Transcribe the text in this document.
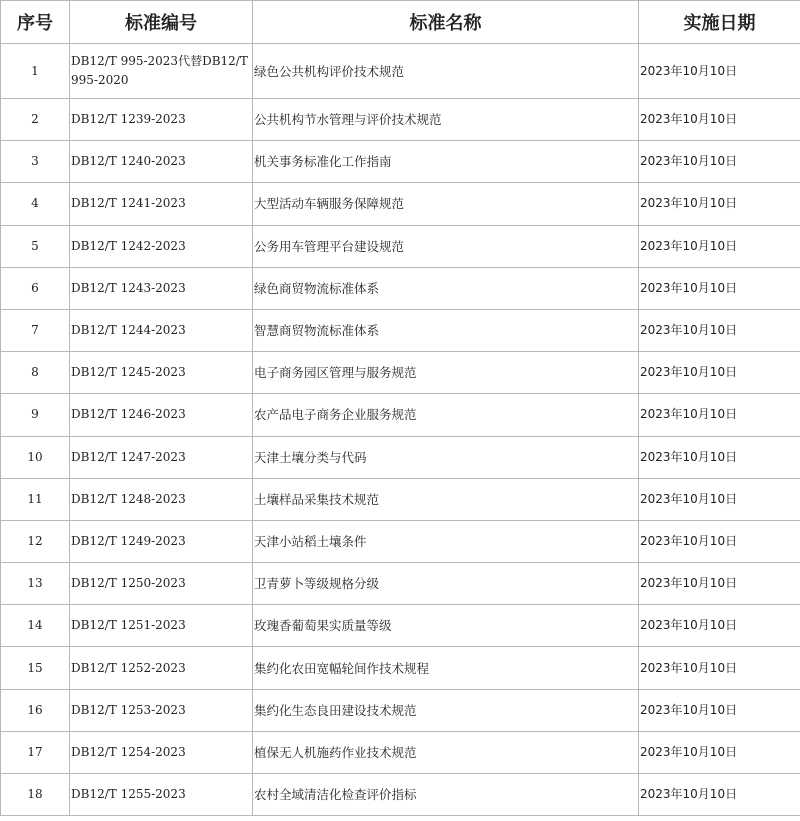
序号	标准编号	标准名称	实施日期
1	DB12/T 995-2023代替DB12/T 995-2020	绿色公共机构评价技术规范	2023年10月10日
2	DB12/T 1239-2023	公共机构节水管理与评价技术规范	2023年10月10日
3	DB12/T 1240-2023	机关事务标准化工作指南	2023年10月10日
4	DB12/T 1241-2023	大型活动车辆服务保障规范	2023年10月10日
5	DB12/T 1242-2023	公务用车管理平台建设规范	2023年10月10日
6	DB12/T 1243-2023	绿色商贸物流标准体系	2023年10月10日
7	DB12/T 1244-2023	智慧商贸物流标准体系	2023年10月10日
8	DB12/T 1245-2023	电子商务园区管理与服务规范	2023年10月10日
9	DB12/T 1246-2023	农产品电子商务企业服务规范	2023年10月10日
10	DB12/T 1247-2023	天津土壤分类与代码	2023年10月10日
11	DB12/T 1248-2023	土壤样品采集技术规范	2023年10月10日
12	DB12/T 1249-2023	天津小站稻土壤条件	2023年10月10日
13	DB12/T 1250-2023	卫青萝卜等级规格分级	2023年10月10日
14	DB12/T 1251-2023	玫瑰香葡萄果实质量等级	2023年10月10日
15	DB12/T 1252-2023	集约化农田宽幅轮间作技术规程	2023年10月10日
16	DB12/T 1253-2023	集约化生态良田建设技术规范	2023年10月10日
17	DB12/T 1254-2023	植保无人机施药作业技术规范	2023年10月10日
18	DB12/T 1255-2023	农村全域清洁化检查评价指标	2023年10月10日
